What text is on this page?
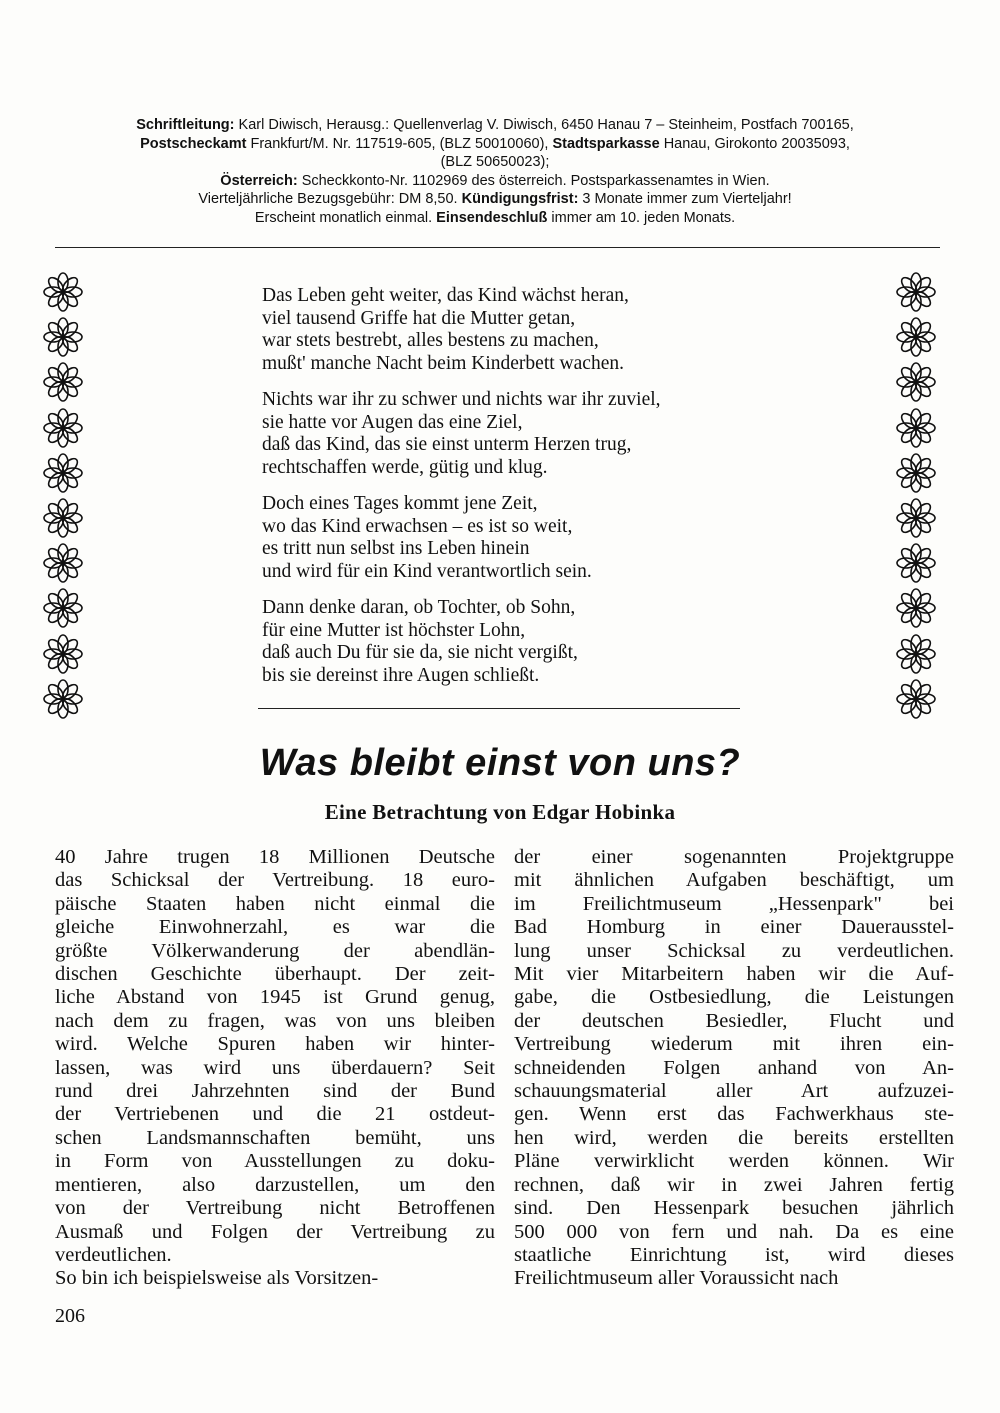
Schriftleitung: Karl Diwisch, Herausg.: Quellenverlag V. Diwisch, 6450 Hanau 7 – Steinheim, Postfach 700165,
Postscheckamt Frankfurt/M. Nr. 117519-605, (BLZ 50010060), Stadtsparkasse Hanau, Girokonto 20035093,
(BLZ 50650023);
Österreich: Scheckkonto-Nr. 1102969 des österreich. Postsparkassenamtes in Wien.
Vierteljährliche Bezugsgebühr: DM 8,50. Kündigungsfrist: 3 Monate immer zum Vierteljahr!
Erscheint monatlich einmal. Einsendeschluß immer am 10. jeden Monats.
Das Leben geht weiter, das Kind wächst heran,
viel tausend Griffe hat die Mutter getan,
war stets bestrebt, alles bestens zu machen,
mußt' manche Nacht beim Kinderbett wachen.
Nichts war ihr zu schwer und nichts war ihr zuviel,
sie hatte vor Augen das eine Ziel,
daß das Kind, das sie einst unterm Herzen trug,
rechtschaffen werde, gütig und klug.
Doch eines Tages kommt jene Zeit,
wo das Kind erwachsen – es ist so weit,
es tritt nun selbst ins Leben hinein
und wird für ein Kind verantwortlich sein.
Dann denke daran, ob Tochter, ob Sohn,
für eine Mutter ist höchster Lohn,
daß auch Du für sie da, sie nicht vergißt,
bis sie dereinst ihre Augen schließt.
Was bleibt einst von uns?
Eine Betrachtung von Edgar Hobinka
40 Jahre trugen 18 Millionen Deutsche
das Schicksal der Vertreibung. 18 euro-
päische Staaten haben nicht einmal die
gleiche Einwohnerzahl, es war die
größte Völkerwanderung der abendlän-
dischen Geschichte überhaupt. Der zeit-
liche Abstand von 1945 ist Grund genug,
nach dem zu fragen, was von uns bleiben
wird. Welche Spuren haben wir hinter-
lassen, was wird uns überdauern? Seit
rund drei Jahrzehnten sind der Bund
der Vertriebenen und die 21 ostdeut-
schen Landsmannschaften bemüht, uns
in Form von Ausstellungen zu doku-
mentieren, also darzustellen, um den
von der Vertreibung nicht Betroffenen
Ausmaß und Folgen der Vertreibung zu
verdeutlichen.
So bin ich beispielsweise als Vorsitzen-
der einer sogenannten Projektgruppe
mit ähnlichen Aufgaben beschäftigt, um
im Freilichtmuseum „Hessenpark" bei
Bad Homburg in einer Dauerausstel-
lung unser Schicksal zu verdeutlichen.
Mit vier Mitarbeitern haben wir die Auf-
gabe, die Ostbesiedlung, die Leistungen
der deutschen Besiedler, Flucht und
Vertreibung wiederum mit ihren ein-
schneidenden Folgen anhand von An-
schauungsmaterial aller Art aufzuzei-
gen. Wenn erst das Fachwerkhaus ste-
hen wird, werden die bereits erstellten
Pläne verwirklicht werden können. Wir
rechnen, daß wir in zwei Jahren fertig
sind. Den Hessenpark besuchen jährlich
500 000 von fern und nah. Da es eine
staatliche Einrichtung ist, wird dieses
Freilichtmuseum aller Voraussicht nach
206
